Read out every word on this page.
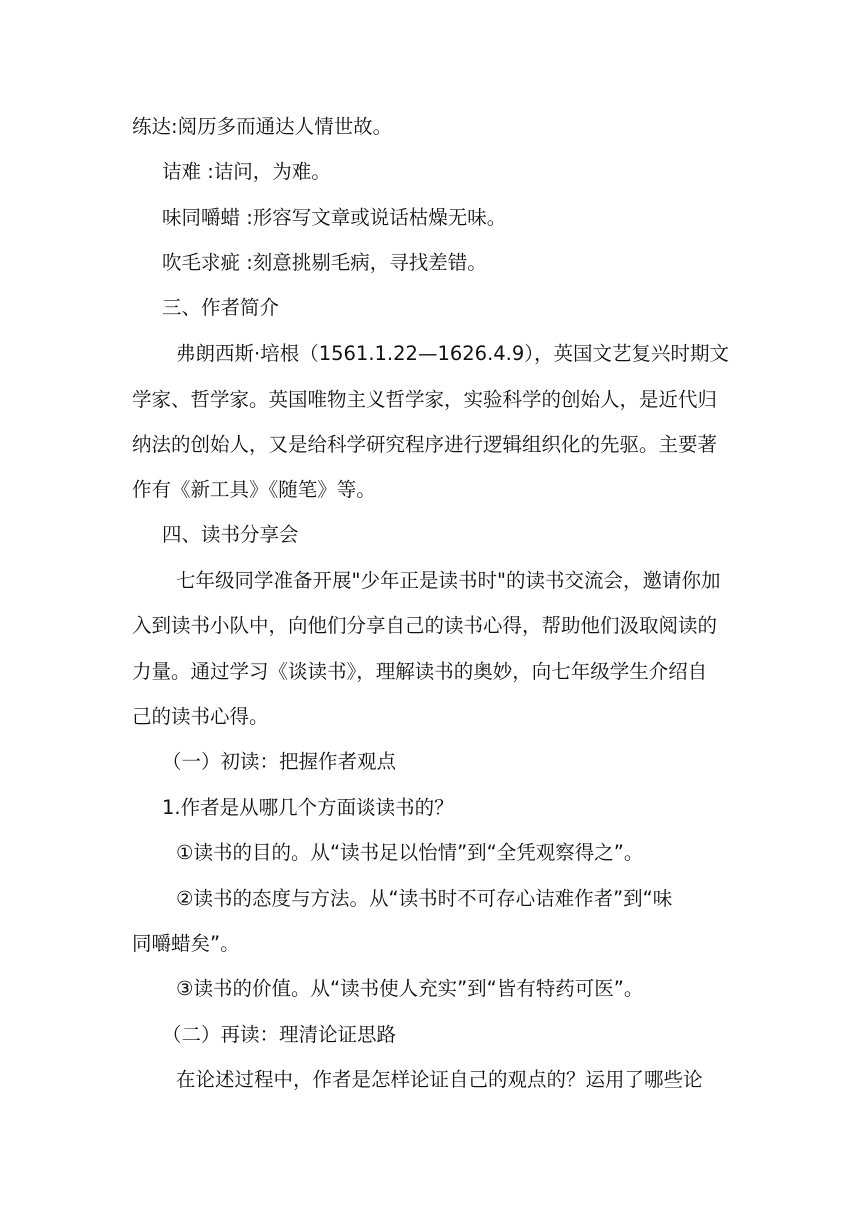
练达:阅历多而通达人情世故。

诘难 :诘问，为难。

味同嚼蜡 :形容写文章或说话枯燥无味。

吹毛求疵 :刻意挑剔毛病，寻找差错。

三、作者简介

弗朗西斯·培根（1561.1.22—1626.4.9），英国文艺复兴时期文

学家、哲学家。英国唯物主义哲学家，实验科学的创始人，是近代归

纳法的创始人，又是给科学研究程序进行逻辑组织化的先驱。主要著

作有《新工具》《随笔》等。

四、读书分享会

七年级同学准备开展"少年正是读书时"的读书交流会，邀请你加

入到读书小队中，向他们分享自己的读书心得，帮助他们汲取阅读的

力量。通过学习《谈读书》，理解读书的奥妙，向七年级学生介绍自

己的读书心得。

（一）初读：把握作者观点

1.作者是从哪几个方面谈读书的？

①读书的目的。从“读书足以怡情”到“全凭观察得之”。

②读书的态度与方法。从“读书时不可存心诘难作者”到“味

同嚼蜡矣”。

③读书的价值。从“读书使人充实”到“皆有特药可医”。

（二）再读：理清论证思路

在论述过程中，作者是怎样论证自己的观点的？运用了哪些论
